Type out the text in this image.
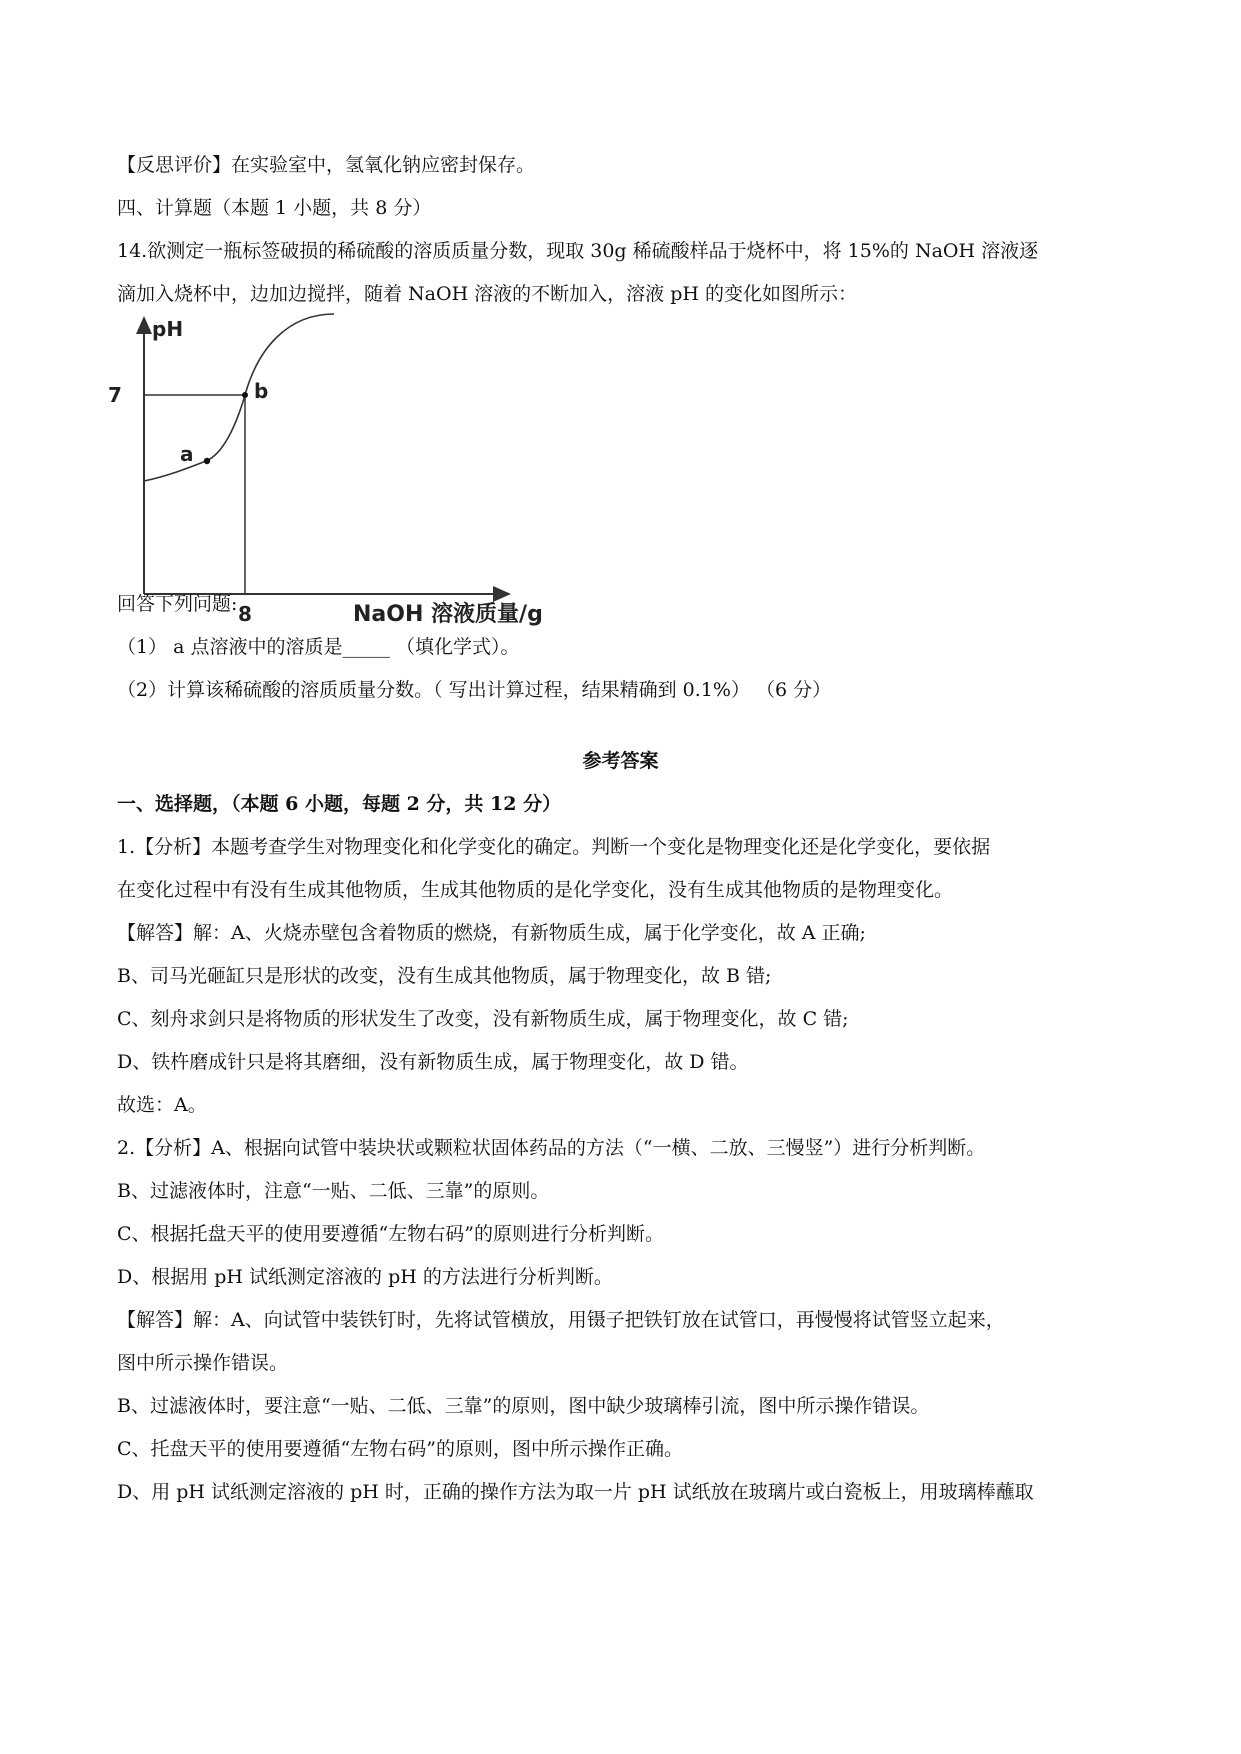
【反思评价】在实验室中，氢氧化钠应密封保存。
四、计算题（本题 1 小题，共 8 分）
14.欲测定一瓶标签破损的稀硫酸的溶质质量分数，现取 30g 稀硫酸样品于烧杯中，将 15%的 NaOH 溶液逐
滴加入烧杯中，边加边搅拌，随着 NaOH 溶液的不断加入，溶液 pH 的变化如图所示：
pH
7
8	NaOH 溶液质量/g
a
b
回答下列问题:
（1） a 点溶液中的溶质是_____ （填化学式）。
（2）计算该稀硫酸的溶质质量分数。（ 写出计算过程，结果精确到 0.1%） （6 分）
参考答案
一、选择题，（本题 6 小题，每题 2 分，共 12 分）
1.【分析】本题考查学生对物理变化和化学变化的确定。判断一个变化是物理变化还是化学变化，要依据
在变化过程中有没有生成其他物质，生成其他物质的是化学变化，没有生成其他物质的是物理变化。
【解答】解：A、火烧赤壁包含着物质的燃烧，有新物质生成，属于化学变化，故 A 正确;
B、司马光砸缸只是形状的改变，没有生成其他物质，属于物理变化，故 B 错;
C、刻舟求剑只是将物质的形状发生了改变，没有新物质生成，属于物理变化，故 C 错;
D、铁杵磨成针只是将其磨细，没有新物质生成，属于物理变化，故 D 错。
故选：A。
2.【分析】A、根据向试管中装块状或颗粒状固体药品的方法（“一横、二放、三慢竖”）进行分析判断。
B、过滤液体时，注意“一贴、二低、三靠”的原则。
C、根据托盘天平的使用要遵循“左物右码”的原则进行分析判断。
D、根据用 pH 试纸测定溶液的 pH 的方法进行分析判断。
【解答】解：A、向试管中装铁钉时，先将试管横放，用镊子把铁钉放在试管口，再慢慢将试管竖立起来，
图中所示操作错误。
B、过滤液体时，要注意“一贴、二低、三靠”的原则，图中缺少玻璃棒引流，图中所示操作错误。
C、托盘天平的使用要遵循“左物右码”的原则，图中所示操作正确。
D、用 pH 试纸测定溶液的 pH 时，正确的操作方法为取一片 pH 试纸放在玻璃片或白瓷板上，用玻璃棒蘸取
